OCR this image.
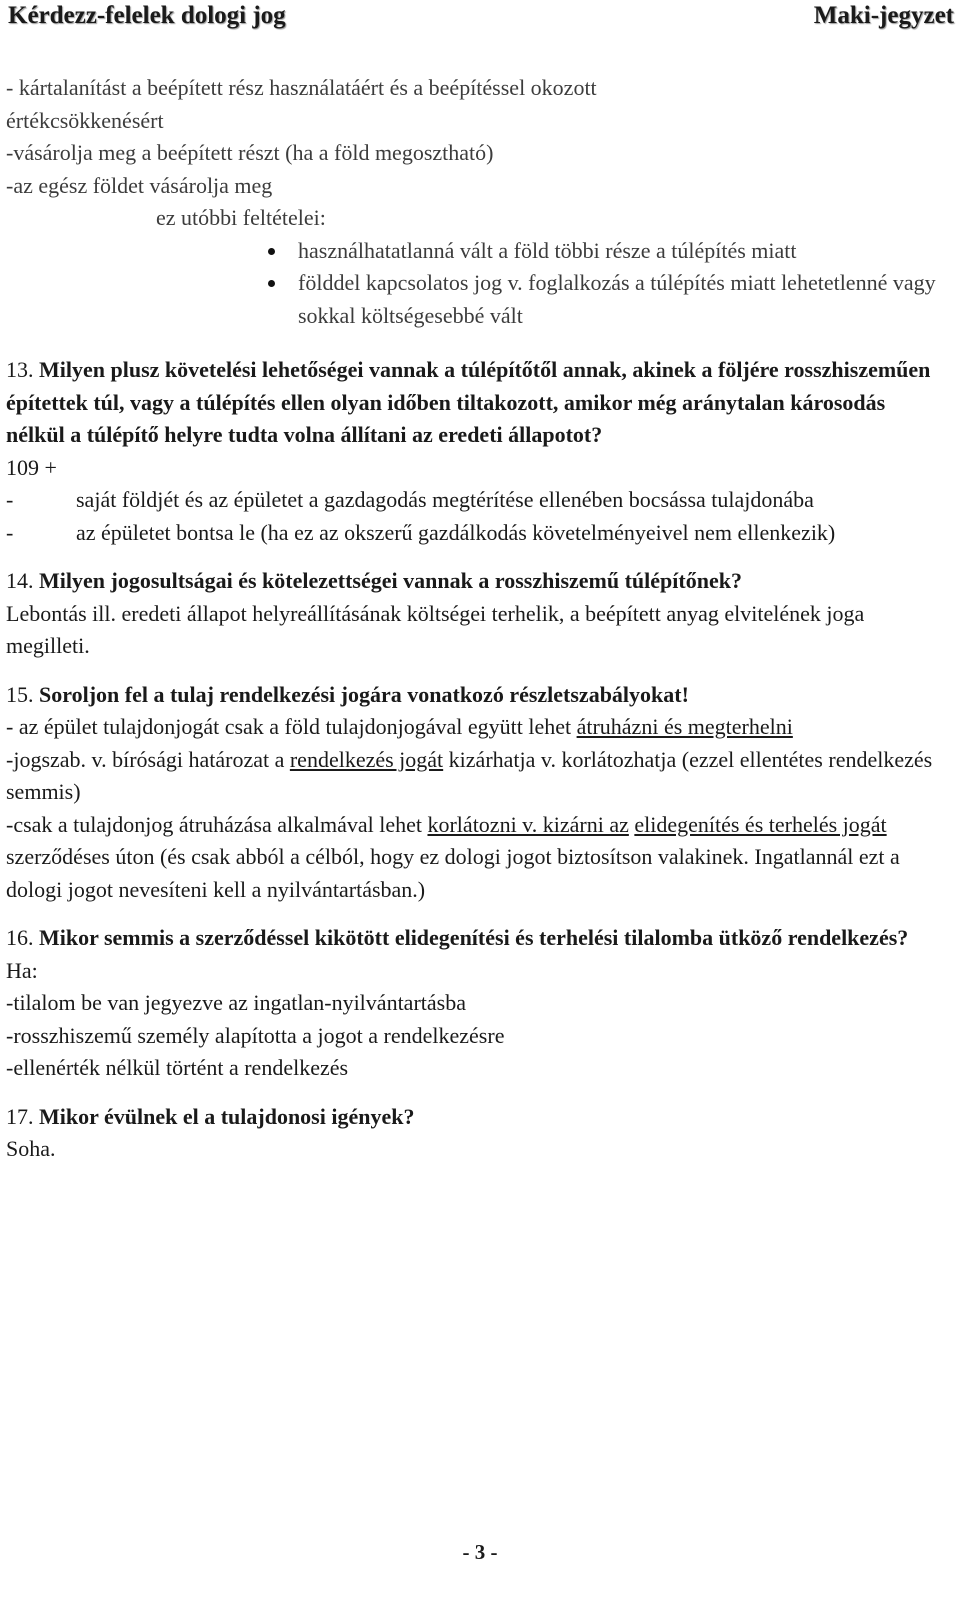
Kérdezz-felelek dologi jog	Maki-jegyzet

- kártalanítást a beépített rész használatáért és a beépítéssel okozott

értékcsökkenésért

-vásárolja meg a beépített részt (ha a föld megosztható)

-az egész földet vásárolja meg

ez utóbbi feltételei:

használhatatlanná vált a föld többi része a túlépítés miatt
földdel kapcsolatos jog v. foglalkozás a túlépítés miatt lehetetlenné vagy sokkal költségesebbé vált

13. Milyen plusz követelési lehetőségei vannak a túlépítőtől annak, akinek a följére rosszhiszeműen építettek túl, vagy a túlépítés ellen olyan időben tiltakozott, amikor még aránytalan károsodás nélkül a túlépítő helyre tudta volna állítani az eredeti állapotot?

109 +

-	saját földjét és az épületet a gazdagodás megtérítése ellenében bocsássa tulajdonába
-	az épületet bontsa le (ha ez az okszerű gazdálkodás követelményeivel nem ellenkezik)

14. Milyen jogosultságai és kötelezettségei vannak a rosszhiszemű túlépítőnek?

Lebontás ill. eredeti állapot helyreállításának költségei terhelik, a beépített anyag elvitelének joga megilleti.

15. Soroljon fel a tulaj rendelkezési jogára vonatkozó részletszabályokat!

- az épület tulajdonjogát csak a föld tulajdonjogával együtt lehet átruházni és megterhelni

-jogszab. v. bírósági határozat a rendelkezés jogát kizárhatja v. korlátozhatja (ezzel ellentétes rendelkezés semmis)

-csak a tulajdonjog átruházása alkalmával lehet korlátozni v. kizárni az elidegenítés és terhelés jogát szerződéses úton (és csak abból a célból, hogy ez dologi jogot biztosítson valakinek. Ingatlannál ezt a dologi jogot nevesíteni kell a nyilvántartásban.)

16. Mikor semmis a szerződéssel kikötött elidegenítési és terhelési tilalomba ütköző rendelkezés?

Ha:

-tilalom be van jegyezve az ingatlan-nyilvántartásba

-rosszhiszemű személy alapította a jogot a rendelkezésre

-ellenérték nélkül történt a rendelkezés

17. Mikor évülnek el a tulajdonosi igények?

Soha.

- 3 -
